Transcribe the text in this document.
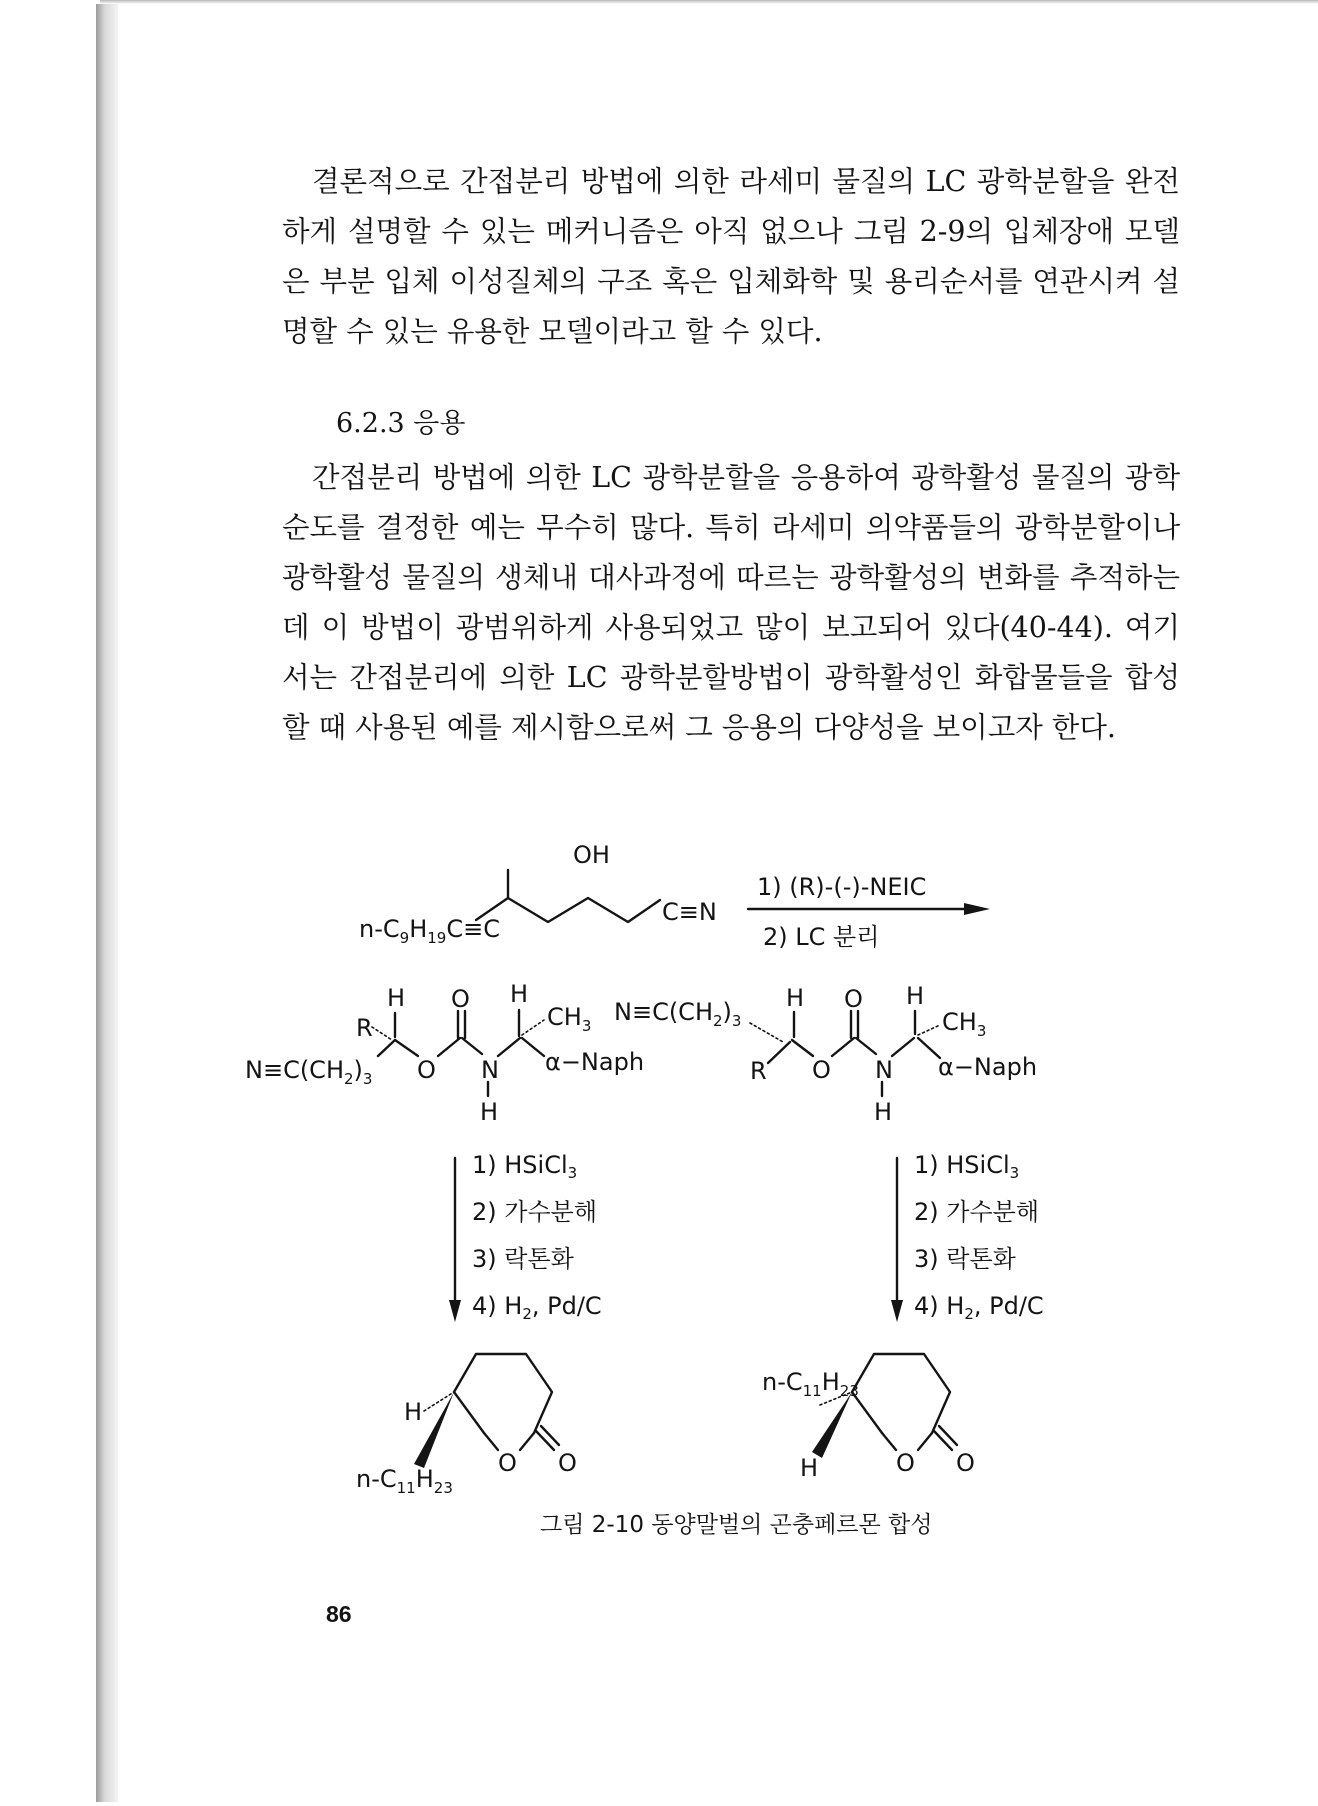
결론적으로 간접분리 방법에 의한 라세미 물질의 LC 광학분할을 완전하게 설명할 수 있는 메커니즘은 아직 없으나 그림 2-9의 입체장애 모델은 부분 입체 이성질체의 구조 혹은 입체화학 및 용리순서를 연관시켜 설명할 수 있는 유용한 모델이라고 할 수 있다.
6.2.3 응용
간접분리 방법에 의한 LC 광학분할을 응용하여 광학활성 물질의 광학순도를 결정한 예는 무수히 많다. 특히 라세미 의약품들의 광학분할이나 광학활성 물질의 생체내 대사과정에 따르는 광학활성의 변화를 추적하는 데 이 방법이 광범위하게 사용되었고 많이 보고되어 있다(40-44). 여기서는 간접분리에 의한 LC 광학분할방법이 광학활성인 화합물들을 합성할 때 사용된 예를 제시함으로써 그 응용의 다양성을 보이고자 한다.
OH
$n-C_9H_{19}C\equiv C$
C≡N
1) (R)-(-)-NEIC
2) LC 분리
H
R
$N\equiv C(CH_2)_3$ O
O
N
H
H
$CH_3$
α−Naph
$N\equiv C(CH_2)_3$
H
R O
O
N
H
H
$CH_3$
α−Naph
1) HSiCl$_3$
2) 가수분해
3) 락톤화
4) $H_2$, Pd/C
1) HSiCl$_3$
2) 가수분해
3) 락톤화
4) $H_2$, Pd/C
O O
H
$n-C_{11}H_{23}$
O O
$n-C_{11}H_{23}$
H
그림 2-10 동양말벌의 곤충페르몬 합성
86
